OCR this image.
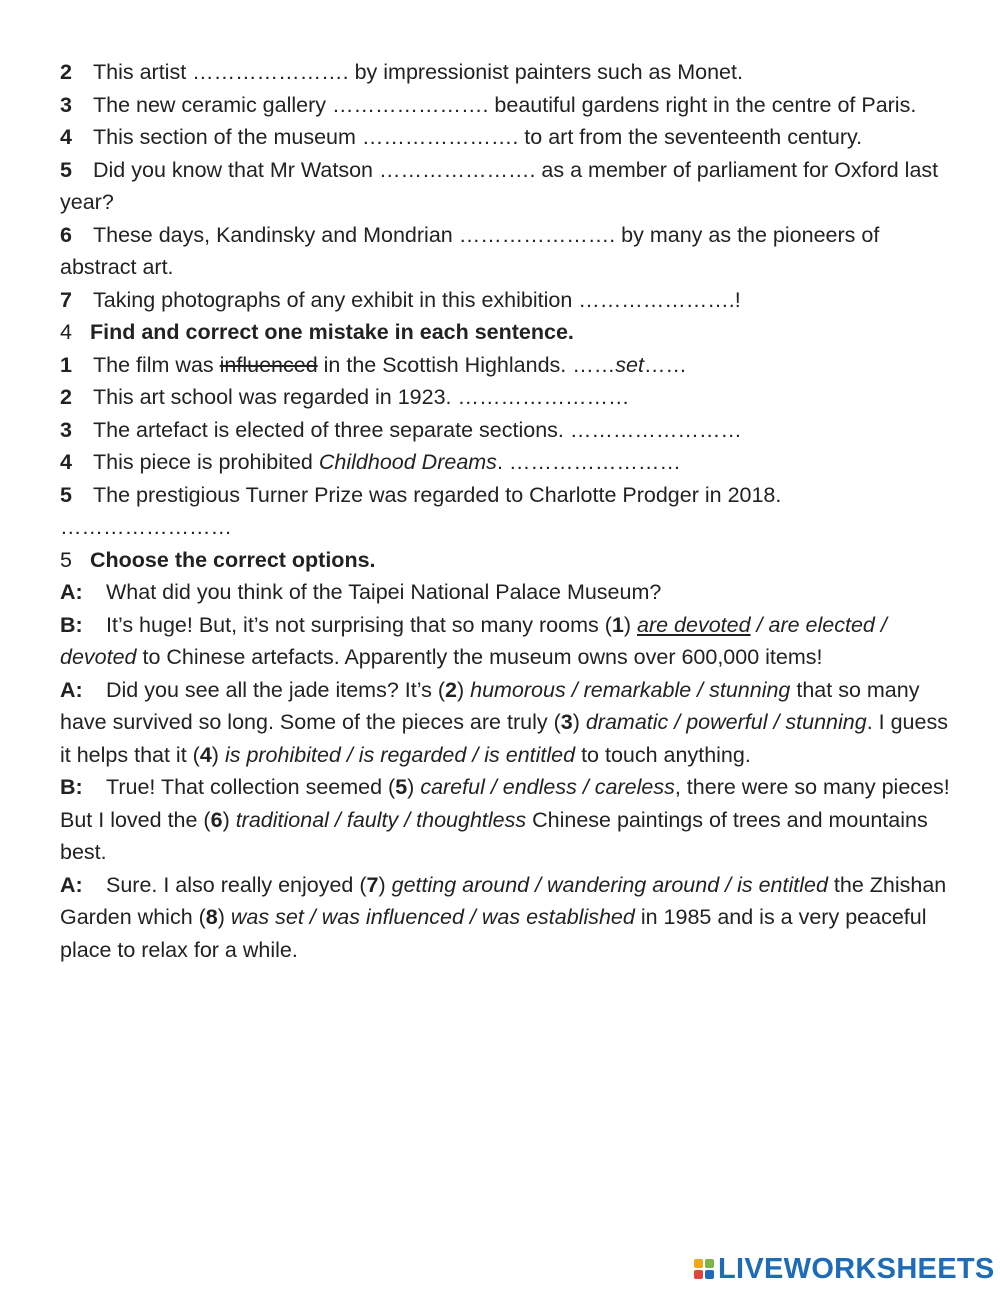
2 This artist …………………. by impressionist painters such as Monet.

3 The new ceramic gallery …………………. beautiful gardens right in the centre of Paris.

4 This section of the museum …………………. to art from the seventeenth century.

5 Did you know that Mr Watson …………………. as a member of parliament for Oxford last year?

6 These days, Kandinsky and Mondrian …………………. by many as the pioneers of abstract art.

7 Taking photographs of any exhibit in this exhibition ………………….!

4 Find and correct one mistake in each sentence.

1 The film was influenced in the Scottish Highlands. ……set……

2 This art school was regarded in 1923. ……………………

3 The artefact is elected of three separate sections. ……………………

4 This piece is prohibited Childhood Dreams. ……………………

5 The prestigious Turner Prize was regarded to Charlotte Prodger in 2018. ……………………

5 Choose the correct options.

A: What did you think of the Taipei National Palace Museum?

B: It’s huge! But, it’s not surprising that so many rooms (1) are devoted / are elected / devoted to Chinese artefacts. Apparently the museum owns over 600,000 items!

A: Did you see all the jade items? It’s (2) humorous / remarkable / stunning that so many have survived so long. Some of the pieces are truly (3) dramatic / powerful / stunning. I guess it helps that it (4) is prohibited / is regarded / is entitled to touch anything.

B: True! That collection seemed (5) careful / endless / careless, there were so many pieces! But I loved the (6) traditional / faulty / thoughtless Chinese paintings of trees and mountains best.

A: Sure. I also really enjoyed (7) getting around / wandering around / is entitled the Zhishan Garden which (8) was set / was influenced / was established in 1985 and is a very peaceful place to relax for a while.

LIVEWORKSHEETS
